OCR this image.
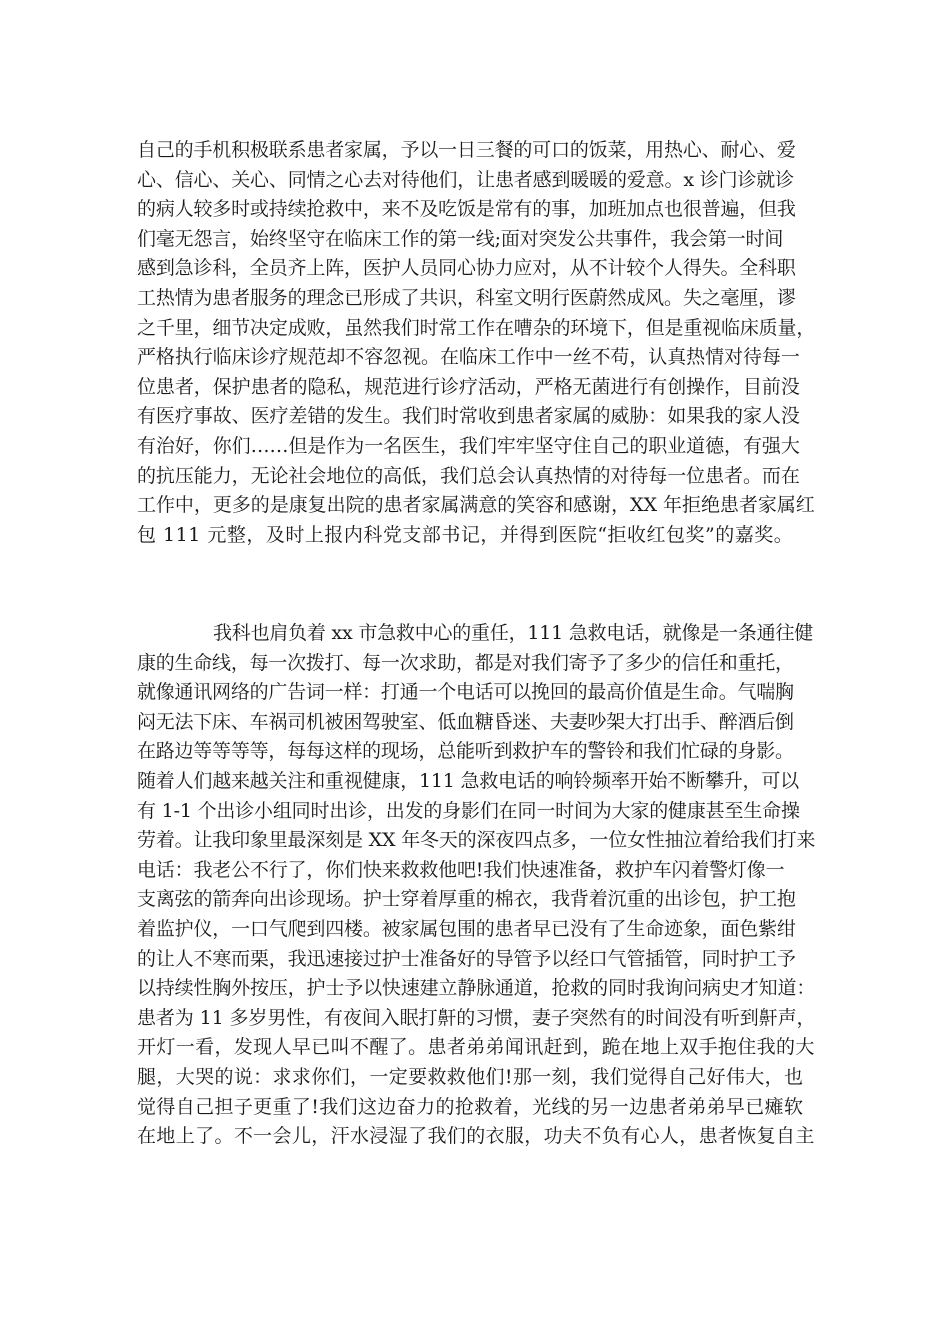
自己的手机积极联系患者家属，予以一日三餐的可口的饭菜，用热心、耐心、爱
心、信心、关心、同情之心去对待他们，让患者感到暖暖的爱意。x 诊门诊就诊
的病人较多时或持续抢救中，来不及吃饭是常有的事，加班加点也很普遍，但我
们毫无怨言，始终坚守在临床工作的第一线;面对突发公共事件，我会第一时间
感到急诊科，全员齐上阵，医护人员同心协力应对，从不计较个人得失。全科职
工热情为患者服务的理念已形成了共识，科室文明行医蔚然成风。失之毫厘，谬
之千里，细节决定成败，虽然我们时常工作在嘈杂的环境下，但是重视临床质量，
严格执行临床诊疗规范却不容忽视。在临床工作中一丝不苟，认真热情对待每一
位患者，保护患者的隐私，规范进行诊疗活动，严格无菌进行有创操作，目前没
有医疗事故、医疗差错的发生。我们时常收到患者家属的威胁：如果我的家人没
有治好，你们……但是作为一名医生，我们牢牢坚守住自己的职业道德，有强大
的抗压能力，无论社会地位的高低，我们总会认真热情的对待每一位患者。而在
工作中，更多的是康复出院的患者家属满意的笑容和感谢，XX 年拒绝患者家属红
包 111 元整，及时上报内科党支部书记，并得到医院“拒收红包奖”的嘉奖。

我科也肩负着 xx 市急救中心的重任，111 急救电话，就像是一条通往健
康的生命线，每一次拨打、每一次求助，都是对我们寄予了多少的信任和重托，
就像通讯网络的广告词一样：打通一个电话可以挽回的最高价值是生命。气喘胸
闷无法下床、车祸司机被困驾驶室、低血糖昏迷、夫妻吵架大打出手、醉酒后倒
在路边等等等等，每每这样的现场，总能听到救护车的警铃和我们忙碌的身影。
随着人们越来越关注和重视健康，111 急救电话的响铃频率开始不断攀升，可以
有 1-1 个出诊小组同时出诊，出发的身影们在同一时间为大家的健康甚至生命操
劳着。让我印象里最深刻是 XX 年冬天的深夜四点多，一位女性抽泣着给我们打来
电话：我老公不行了，你们快来救救他吧!我们快速准备，救护车闪着警灯像一
支离弦的箭奔向出诊现场。护士穿着厚重的棉衣，我背着沉重的出诊包，护工抱
着监护仪，一口气爬到四楼。被家属包围的患者早已没有了生命迹象，面色紫绀
的让人不寒而栗，我迅速接过护士准备好的导管予以经口气管插管，同时护工予
以持续性胸外按压，护士予以快速建立静脉通道，抢救的同时我询问病史才知道：
患者为 11 多岁男性，有夜间入眠打鼾的习惯，妻子突然有的时间没有听到鼾声，
开灯一看，发现人早已叫不醒了。患者弟弟闻讯赶到，跪在地上双手抱住我的大
腿，大哭的说：求求你们，一定要救救他们!那一刻，我们觉得自己好伟大，也
觉得自己担子更重了!我们这边奋力的抢救着，光线的另一边患者弟弟早已瘫软
在地上了。不一会儿，汗水浸湿了我们的衣服，功夫不负有心人，患者恢复自主
